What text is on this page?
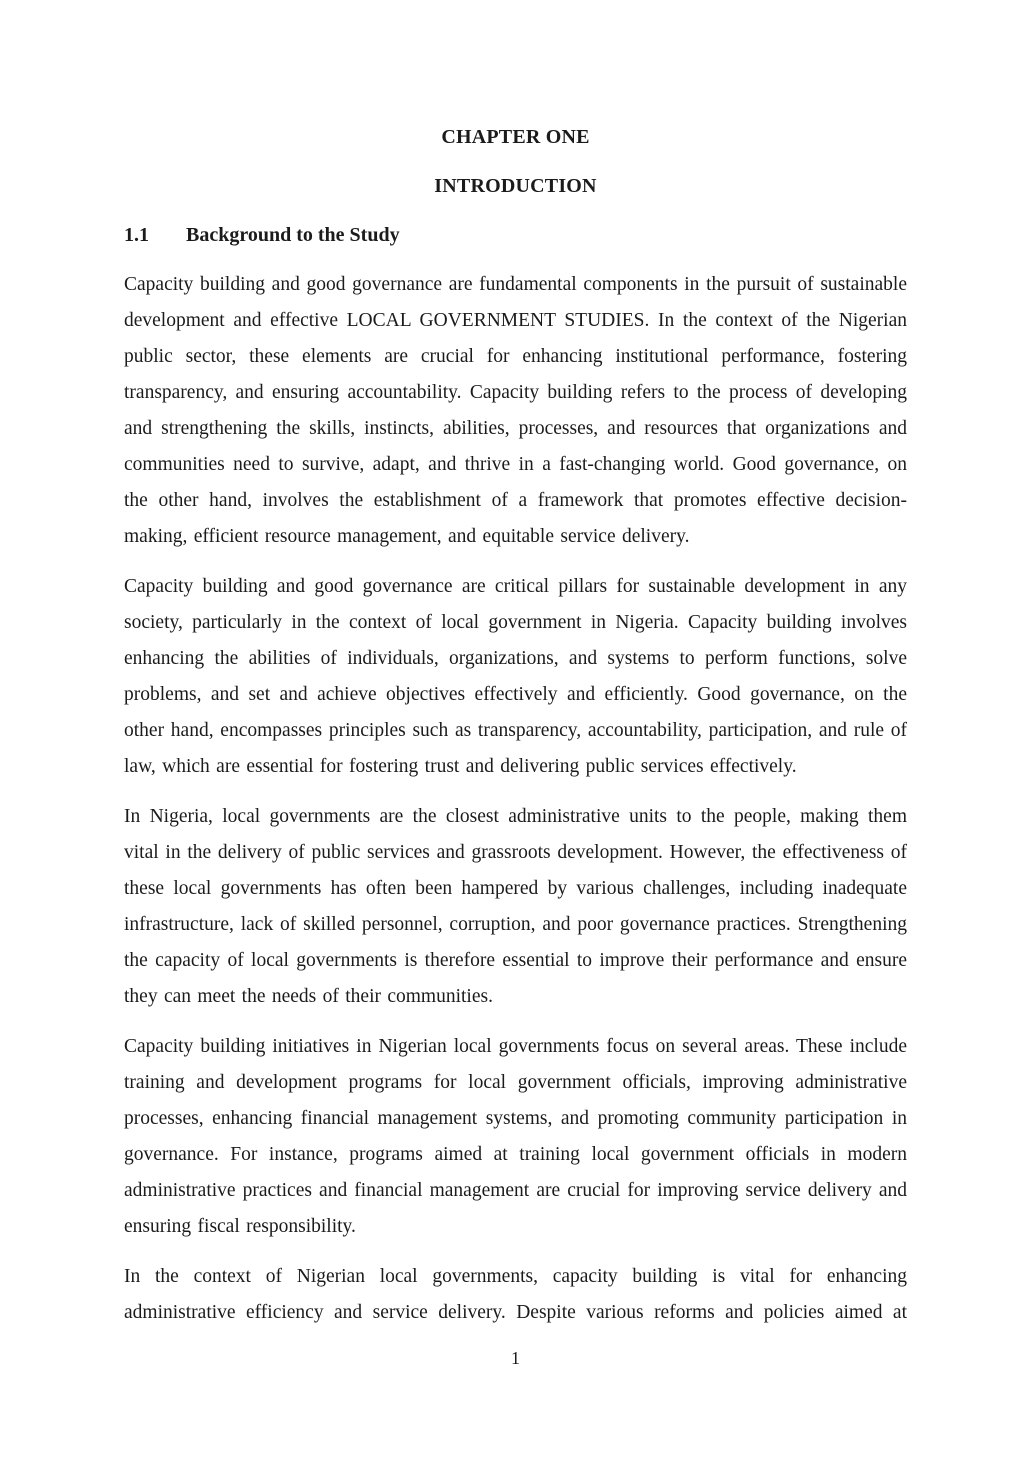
CHAPTER ONE
INTRODUCTION
1.1	Background to the Study

Capacity building and good governance are fundamental components in the pursuit of sustainable development and effective LOCAL GOVERNMENT STUDIES. In the context of the Nigerian public sector, these elements are crucial for enhancing institutional performance, fostering transparency, and ensuring accountability. Capacity building refers to the process of developing and strengthening the skills, instincts, abilities, processes, and resources that organizations and communities need to survive, adapt, and thrive in a fast-changing world. Good governance, on the other hand, involves the establishment of a framework that promotes effective decision-making, efficient resource management, and equitable service delivery.

Capacity building and good governance are critical pillars for sustainable development in any society, particularly in the context of local government in Nigeria. Capacity building involves enhancing the abilities of individuals, organizations, and systems to perform functions, solve problems, and set and achieve objectives effectively and efficiently. Good governance, on the other hand, encompasses principles such as transparency, accountability, participation, and rule of law, which are essential for fostering trust and delivering public services effectively.

In Nigeria, local governments are the closest administrative units to the people, making them vital in the delivery of public services and grassroots development. However, the effectiveness of these local governments has often been hampered by various challenges, including inadequate infrastructure, lack of skilled personnel, corruption, and poor governance practices. Strengthening the capacity of local governments is therefore essential to improve their performance and ensure they can meet the needs of their communities.

Capacity building initiatives in Nigerian local governments focus on several areas. These include training and development programs for local government officials, improving administrative processes, enhancing financial management systems, and promoting community participation in governance. For instance, programs aimed at training local government officials in modern administrative practices and financial management are crucial for improving service delivery and ensuring fiscal responsibility.

In the context of Nigerian local governments, capacity building is vital for enhancing administrative efficiency and service delivery. Despite various reforms and policies aimed at

1
